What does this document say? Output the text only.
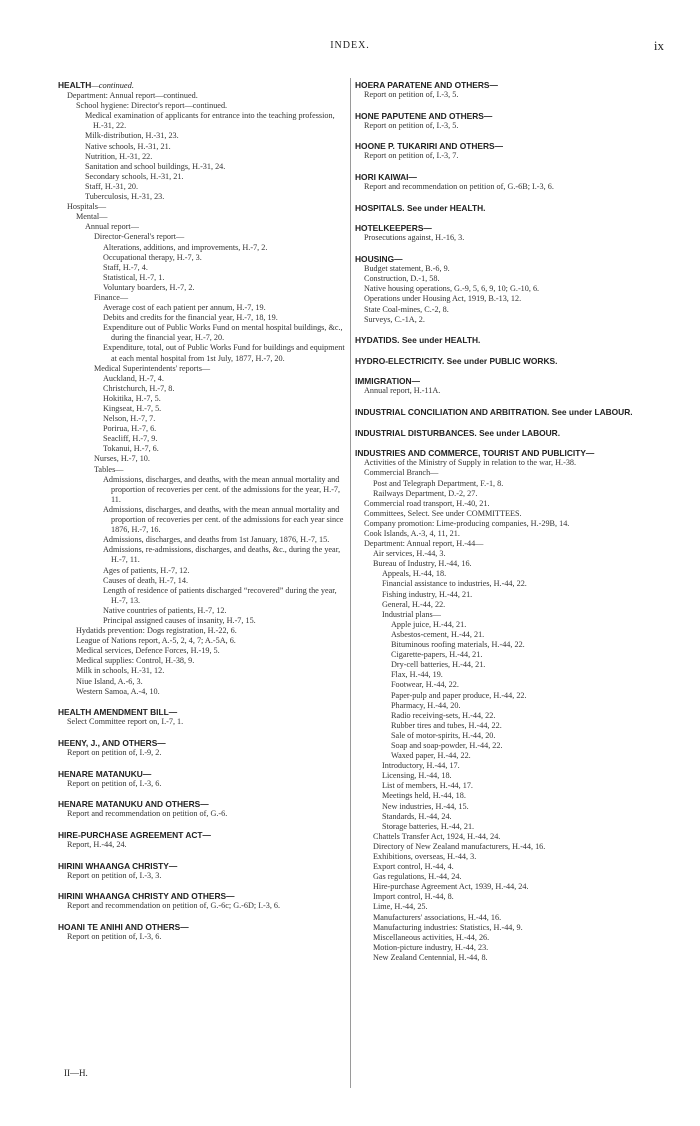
INDEX.	ix
HEALTH—continued.
Department: Annual report—continued.
School hygiene: Director's report—continued.
Medical examination of applicants for entrance into the teaching profession, H.-31, 22.
Milk-distribution, H.-31, 23.
Native schools, H.-31, 21.
Nutrition, H.-31, 22.
Sanitation and school buildings, H.-31, 24.
Secondary schools, H.-31, 21.
Staff, H.-31, 20.
Tuberculosis, H.-31, 23.
Hospitals—
Mental—
Annual report—
Director-General's report—
Alterations, additions, and improvements, H.-7, 2.
Occupational therapy, H.-7, 3.
Staff, H.-7, 4.
Statistical, H.-7, 1.
Voluntary boarders, H.-7, 2.
Finance—
Average cost of each patient per annum, H.-7, 19.
Debits and credits for the financial year, H.-7, 18, 19.
Expenditure out of Public Works Fund on mental hospital buildings, &c., during the financial year, H.-7, 20.
Expenditure, total, out of Public Works Fund for buildings and equipment at each mental hospital from 1st July, 1877, H.-7, 20.
Medical Superintendents' reports—
Auckland, H.-7, 4.
Christchurch, H.-7, 8.
Hokitika, H.-7, 5.
Kingseat, H.-7, 5.
Nelson, H.-7, 7.
Porirua, H.-7, 6.
Seacliff, H.-7, 9.
Tokanui, H.-7, 6.
Nurses, H.-7, 10.
Tables—
Admissions, discharges, and deaths, with the mean annual mortality and proportion of recoveries per cent. of the admissions for the year, H.-7, 11.
Admissions, discharges, and deaths, with the mean annual mortality and proportion of recoveries per cent. of the admissions for each year since 1876, H.-7, 16.
Admissions, discharges, and deaths from 1st January, 1876, H.-7, 15.
Admissions, re-admissions, discharges, and deaths, &c., during the year, H.-7, 11.
Ages of patients, H.-7, 12.
Causes of death, H.-7, 14.
Length of residence of patients discharged “recovered” during the year, H.-7, 13.
Native countries of patients, H.-7, 12.
Principal assigned causes of insanity, H.-7, 15.
Hydatids prevention: Dogs registration, H.-22, 6.
League of Nations report, A.-5, 2, 4, 7; A.-5A, 6.
Medical services, Defence Forces, H.-19, 5.
Medical supplies: Control, H.-38, 9.
Milk in schools, H.-31, 12.
Niue Island, A.-6, 3.
Western Samoa, A.-4, 10.
HEALTH AMENDMENT BILL—
Select Committee report on, I.-7, 1.
HEENY, J., AND OTHERS—
Report on petition of, I.-9, 2.
HENARE MATANUKU—
Report on petition of, I.-3, 6.
HENARE MATANUKU AND OTHERS—
Report and recommendation on petition of, G.-6.
HIRE-PURCHASE AGREEMENT ACT—
Report, H.-44, 24.
HIRINI WHAANGA CHRISTY—
Report on petition of, I.-3, 3.
HIRINI WHAANGA CHRISTY AND OTHERS—
Report and recommendation on petition of, G.-6c; G.-6D; I.-3, 6.
HOANI TE ANIHI AND OTHERS—
Report on petition of, I.-3, 6.
HOERA PARATENE AND OTHERS—
Report on petition of, I.-3, 5.
HONE PAPUTENE AND OTHERS—
Report on petition of, I.-3, 5.
HOONE P. TUKARIRI AND OTHERS—
Report on petition of, I.-3, 7.
HORI KAIWAI—
Report and recommendation on petition of, G.-6B; I.-3, 6.
HOSPITALS. See under HEALTH.
HOTELKEEPERS—
Prosecutions against, H.-16, 3.
HOUSING—
Budget statement, B.-6, 9.
Construction, D.-1, 58.
Native housing operations, G.-9, 5, 6, 9, 10; G.-10, 6.
Operations under Housing Act, 1919, B.-13, 12.
State Coal-mines, C.-2, 8.
Surveys, C.-1A, 2.
HYDATIDS. See under HEALTH.
HYDRO-ELECTRICITY. See under PUBLIC WORKS.
IMMIGRATION—
Annual report, H.-11A.
INDUSTRIAL CONCILIATION AND ARBITRATION. See under LABOUR.
INDUSTRIAL DISTURBANCES. See under LABOUR.
INDUSTRIES AND COMMERCE, TOURIST AND PUBLICITY—
Activities of the Ministry of Supply in relation to the war, H.-38.
Commercial Branch—
Post and Telegraph Department, F.-1, 8.
Railways Department, D.-2, 27.
Commercial road transport, H.-40, 21.
Committees, Select. See under COMMITTEES.
Company promotion: Lime-producing companies, H.-29B, 14.
Cook Islands, A.-3, 4, 11, 21.
Department: Annual report, H.-44—
Air services, H.-44, 3.
Bureau of Industry, H.-44, 16.
Appeals, H.-44, 18.
Financial assistance to industries, H.-44, 22.
Fishing industry, H.-44, 21.
General, H.-44, 22.
Industrial plans—
Apple juice, H.-44, 21.
Asbestos-cement, H.-44, 21.
Bituminous roofing materials, H.-44, 22.
Cigarette-papers, H.-44, 21.
Dry-cell batteries, H.-44, 21.
Flax, H.-44, 19.
Footwear, H.-44, 22.
Paper-pulp and paper produce, H.-44, 22.
Pharmacy, H.-44, 20.
Radio receiving-sets, H.-44, 22.
Rubber tires and tubes, H.-44, 22.
Sale of motor-spirits, H.-44, 20.
Soap and soap-powder, H.-44, 22.
Waxed paper, H.-44, 22.
Introductory, H.-44, 17.
Licensing, H.-44, 18.
List of members, H.-44, 17.
Meetings held, H.-44, 18.
New industries, H.-44, 15.
Standards, H.-44, 24.
Storage batteries, H.-44, 21.
Chattels Transfer Act, 1924, H.-44, 24.
Directory of New Zealand manufacturers, H.-44, 16.
Exhibitions, overseas, H.-44, 3.
Export control, H.-44, 4.
Gas regulations, H.-44, 24.
Hire-purchase Agreement Act, 1939, H.-44, 24.
Import control, H.-44, 8.
Lime, H.-44, 25.
Manufacturers' associations, H.-44, 16.
Manufacturing industries: Statistics, H.-44, 9.
Miscellaneous activities, H.-44, 26.
Motion-picture industry, H.-44, 23.
New Zealand Centennial, H.-44, 8.
II—H.
